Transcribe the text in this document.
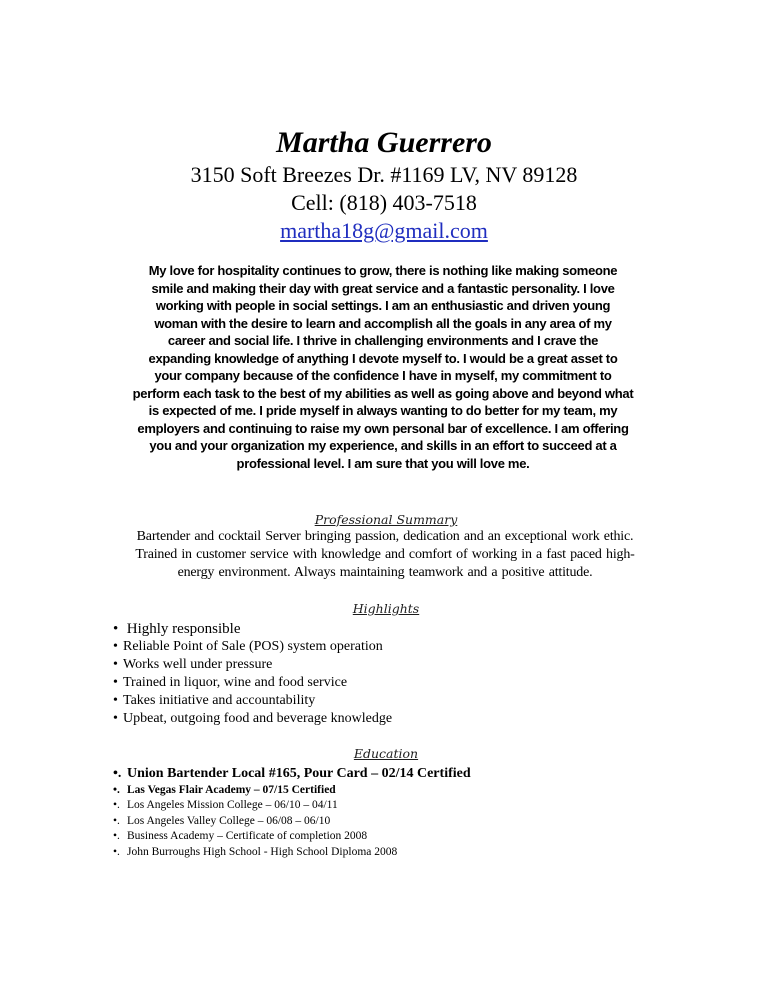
Martha Guerrero
3150 Soft Breezes Dr. #1169 LV, NV 89128
Cell: (818) 403-7518
martha18g@gmail.com
My love for hospitality continues to grow, there is nothing like making someone
smile and making their day with great service and a fantastic personality. I love
working with people in social settings. I am an enthusiastic and driven young
woman with the desire to learn and accomplish all the goals in any area of my
career and social life. I thrive in challenging environments and I crave the
expanding knowledge of anything I devote myself to. I would be a great asset to
your company because of the confidence I have in myself, my commitment to
perform each task to the best of my abilities as well as going above and beyond what
is expected of me. I pride myself in always wanting to do better for my team, my
employers and continuing to raise my own personal bar of excellence. I am offering
you and your organization my experience, and skills in an effort to succeed at a
professional level. I am sure that you will love me.
Professional Summary
Bartender and cocktail Server bringing passion, dedication and an exceptional work ethic.
Trained in customer service with knowledge and comfort of working in a fast paced high-
energy environment. Always maintaining teamwork and a positive attitude.
Highlights
• Highly responsible
• Reliable Point of Sale (POS) system operation
• Works well under pressure
• Trained in liquor, wine and food service
• Takes initiative and accountability
• Upbeat, outgoing food and beverage knowledge
Education
•. Union Bartender Local #165, Pour Card – 02/14 Certified
•. Las Vegas Flair Academy – 07/15 Certified
•. Los Angeles Mission College – 06/10 – 04/11
•. Los Angeles Valley College – 06/08 – 06/10
•. Business Academy – Certificate of completion 2008
•. John Burroughs High School - High School Diploma 2008
